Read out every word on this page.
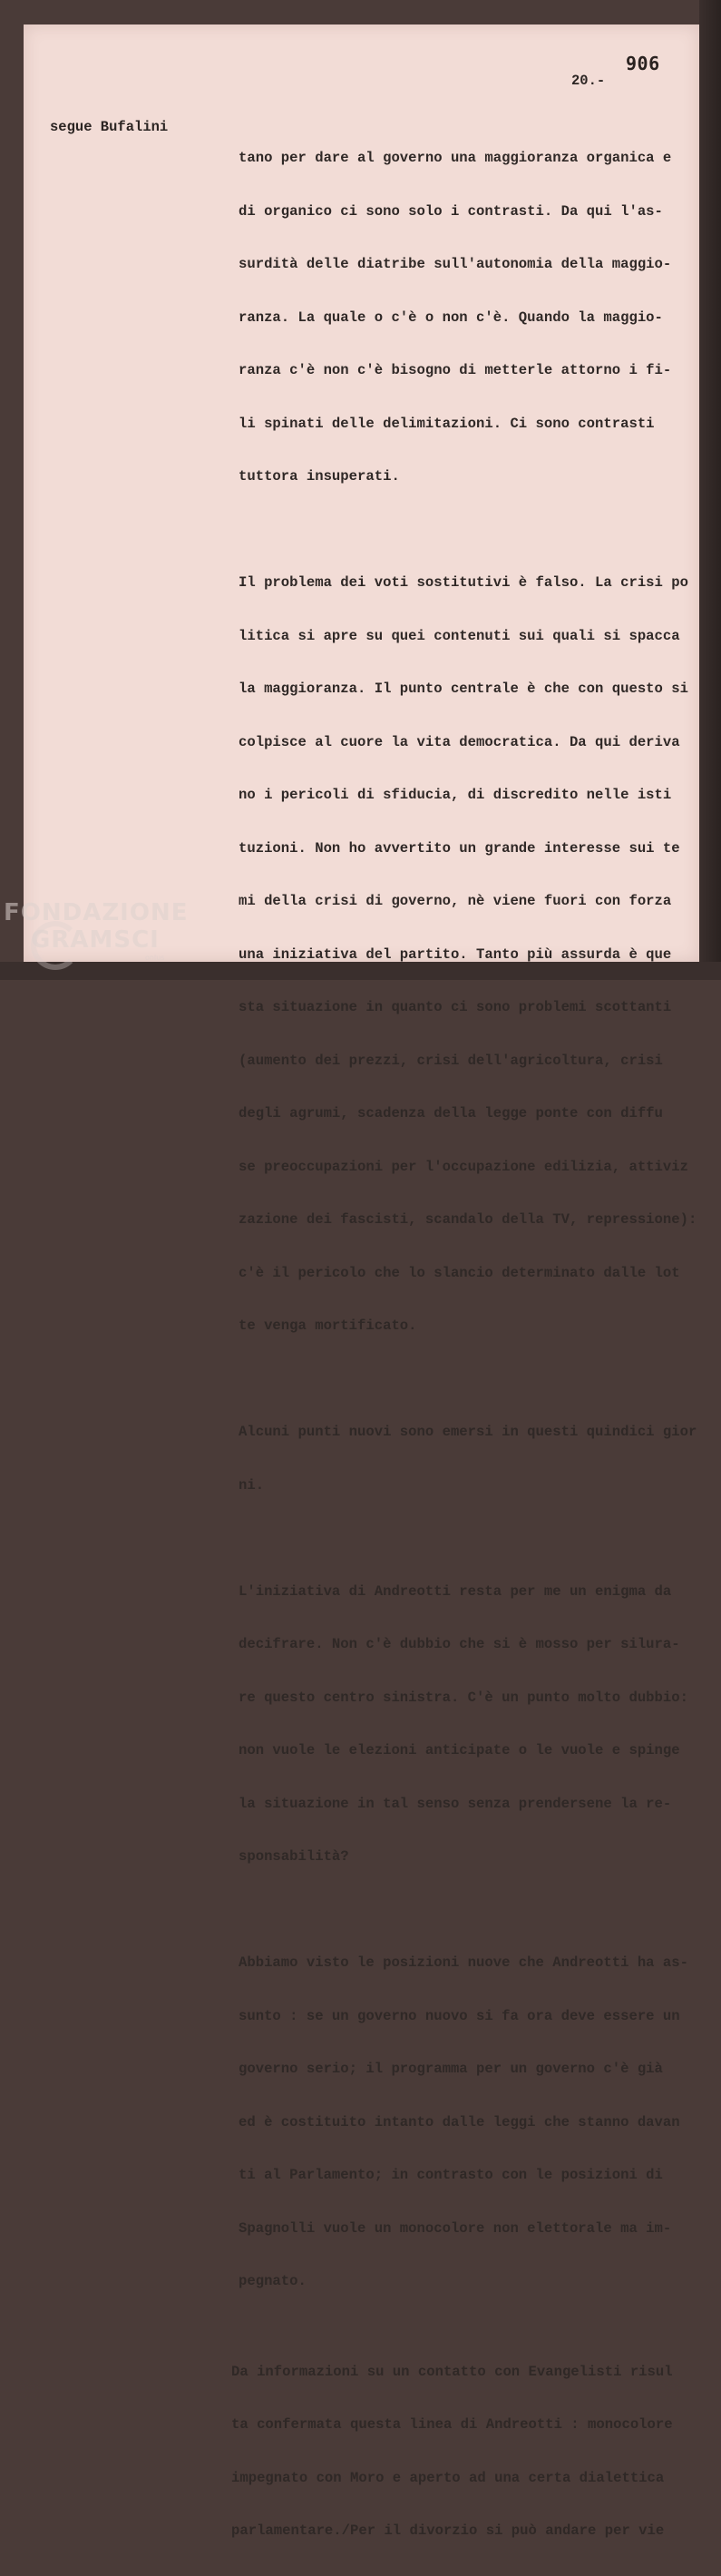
906
20.-
segue Bufalini

tano per dare al governo una maggioranza organica e

di organico ci sono solo i contrasti. Da qui l'as-

surdità delle diatribe sull'autonomia della maggio-

ranza. La quale o c'è o non c'è. Quando la maggio-

ranza c'è non c'è bisogno di metterle attorno i fi-

li spinati delle delimitazioni. Ci sono contrasti

tuttora insuperati.

Il problema dei voti sostitutivi è falso. La crisi po

litica si apre su quei contenuti sui quali si spacca

la maggioranza. Il punto centrale è che con questo si

colpisce al cuore la vita democratica. Da qui deriva

no i pericoli di sfiducia, di discredito nelle isti

tuzioni. Non ho avvertito un grande interesse sui te

mi della crisi di governo, nè viene fuori con forza

una iniziativa del partito. Tanto più assurda è que

sta situazione in quanto ci sono problemi scottanti

(aumento dei prezzi, crisi dell'agricoltura, crisi

degli agrumi, scadenza della legge ponte con diffu

se preoccupazioni per l'occupazione edilizia, attiviz

zazione dei fascisti, scandalo della TV, repressione):

c'è il pericolo che lo slancio determinato dalle lot

te venga mortificato.

Alcuni punti nuovi sono emersi in questi quindici gior

ni.

L'iniziativa di Andreotti resta per me un enigma da

decifrare. Non c'è dubbio che si è mosso per silura-

re questo centro sinistra. C'è un punto molto dubbio:

non vuole le elezioni anticipate o le vuole e spinge

la situazione in tal senso senza prendersene la re-

sponsabilità?

Abbiamo visto le posizioni nuove che Andreotti ha as-

sunto : se un governo nuovo si fa ora deve essere un

governo serio; il programma per un governo c'è già

ed è costituito intanto dalle leggi che stanno davan

ti al Parlamento; in contrasto con le posizioni di

Spagnolli vuole un monocolore non elettorale ma im-

pegnato.

Da informazioni su un contatto con Evangelisti risul

ta confermata questa linea di Andreotti : monocolore

impegnato con Moro e aperto ad una certa dialettica

parlamentare./Per il divorzio si può andare per vie

FONDAZIONE
GRAMSCI
onlus
